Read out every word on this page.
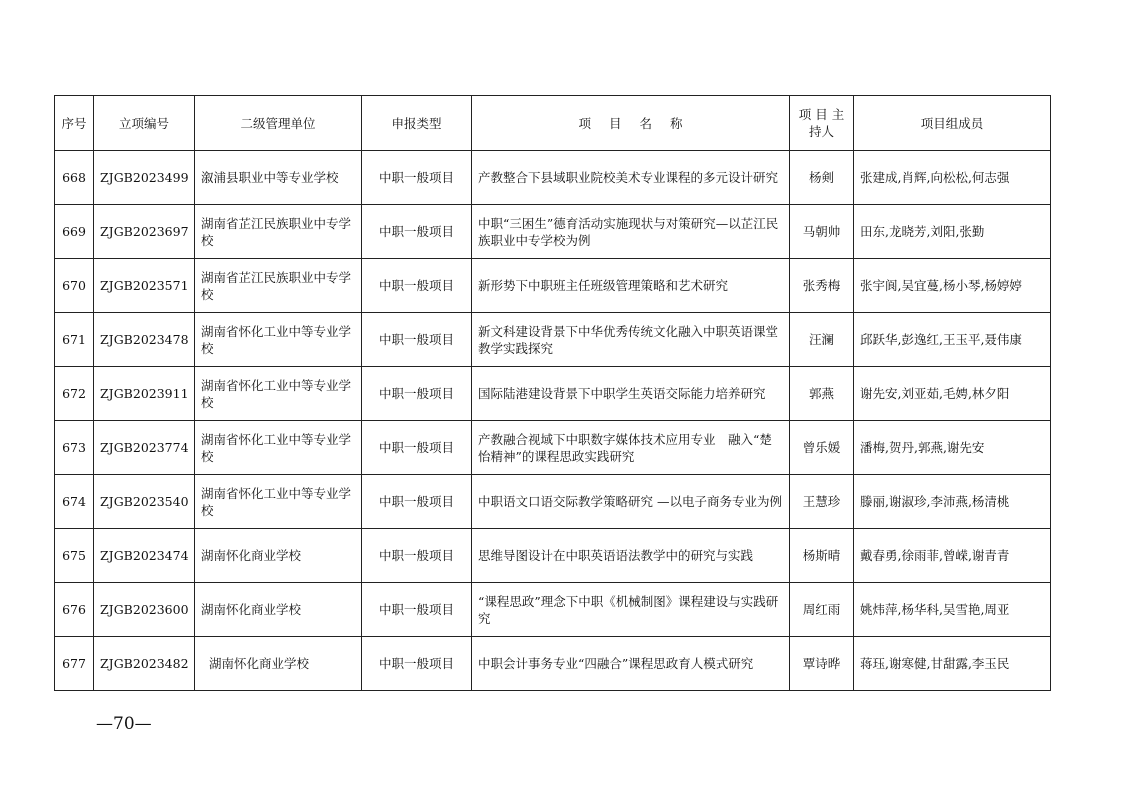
序号	立项编号	二级管理单位	申报类型	项 目 名 称	项 目 主持人	项目组成员
668	ZJGB2023499	溆浦县职业中等专业学校	中职一般项目	产教整合下县域职业院校美术专业课程的多元设计研究	杨剣	张建成,肖辉,向松松,何志强
669	ZJGB2023697	湖南省芷江民族职业中专学校	中职一般项目	中职“三困生”德育活动实施现状与对策研究—以芷江民族职业中专学校为例	马朝帅	田东,龙晓芳,刘阳,张勤
670	ZJGB2023571	湖南省芷江民族职业中专学校	中职一般项目	新形势下中职班主任班级管理策略和艺术研究	张秀梅	张宇阆,吴宜蔓,杨小琴,杨婷婷
671	ZJGB2023478	湖南省怀化工业中等专业学校	中职一般项目	新文科建设背景下中华优秀传统文化融入中职英语课堂教学实践探究	汪澜	邱跃华,彭逸红,王玉平,聂伟康
672	ZJGB2023911	湖南省怀化工业中等专业学校	中职一般项目	国际陆港建设背景下中职学生英语交际能力培养研究	郭燕	谢先安,刘亚茹,毛娉,林夕阳
673	ZJGB2023774	湖南省怀化工业中等专业学校	中职一般项目	产教融合视域下中职数字媒体技术应用专业　融入“楚怡精神”的课程思政实践研究	曾乐媛	潘梅,贺丹,郭燕,谢先安
674	ZJGB2023540	湖南省怀化工业中等专业学校	中职一般项目	中职语文口语交际教学策略研究 —以电子商务专业为例	王慧珍	滕丽,谢淑珍,李沛燕,杨清桃
675	ZJGB2023474	湖南怀化商业学校	中职一般项目	思维导图设计在中职英语语法教学中的研究与实践	杨斯晴	戴春勇,徐雨菲,曾嵘,谢青青
676	ZJGB2023600	湖南怀化商业学校	中职一般项目	“课程思政”理念下中职《机械制图》课程建设与实践研究	周红雨	姚炜萍,杨华科,吴雪艳,周亚
677	ZJGB2023482	湖南怀化商业学校	中职一般项目	中职会计事务专业“四融合”课程思政育人模式研究	覃诗晔	蒋珏,谢寒健,甘甜露,李玉民
—70—
